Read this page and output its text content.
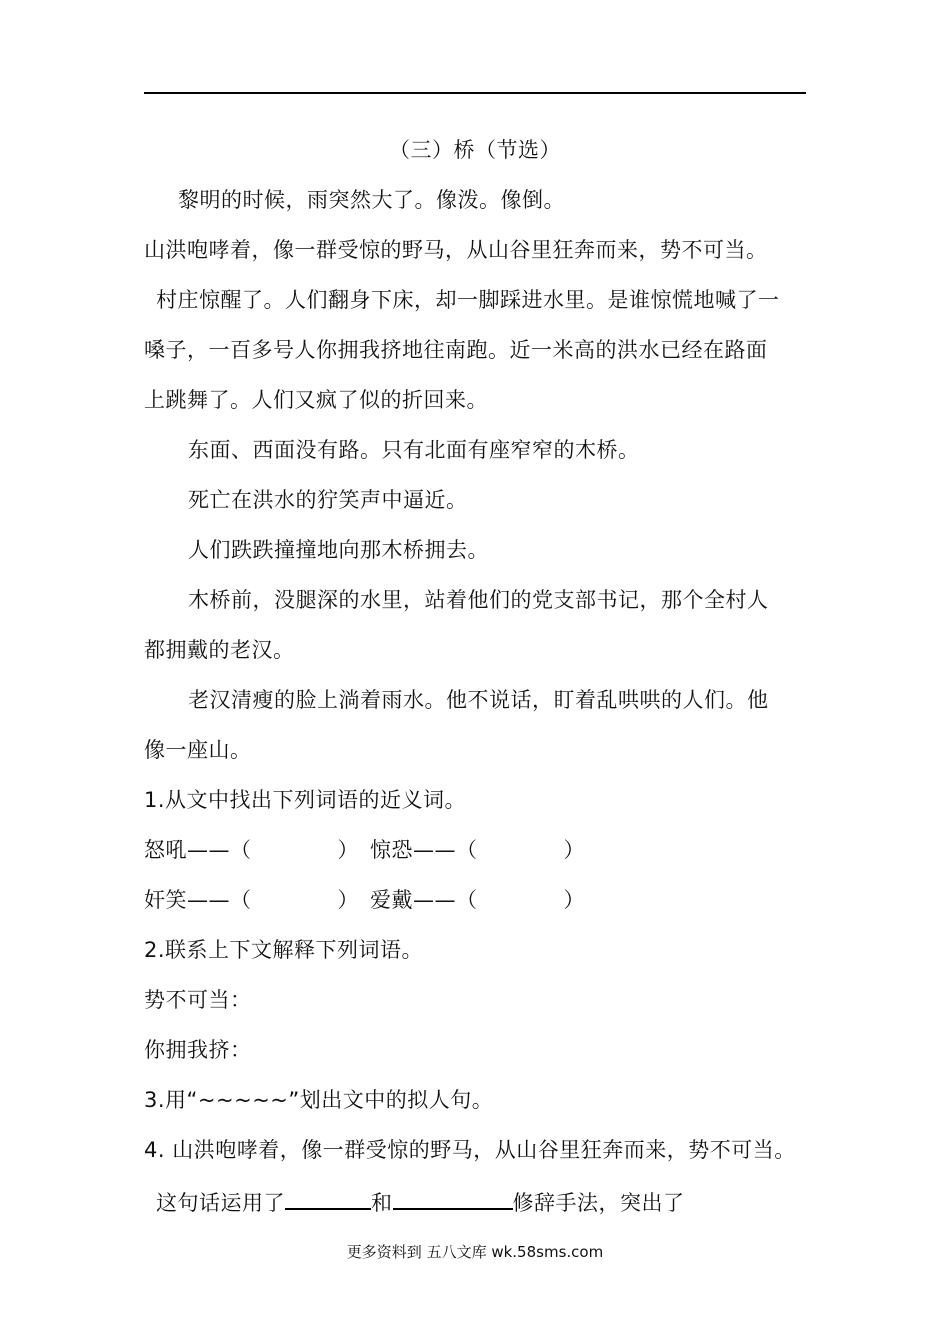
（三）桥（节选）
黎明的时候，雨突然大了。像泼。像倒。
山洪咆哮着，像一群受惊的野马，从山谷里狂奔而来，势不可当。
村庄惊醒了。人们翻身下床，却一脚踩进水里。是谁惊慌地喊了一
嗓子，一百多号人你拥我挤地往南跑。近一米高的洪水已经在路面
上跳舞了。人们又疯了似的折回来。
东面、西面没有路。只有北面有座窄窄的木桥。
死亡在洪水的狞笑声中逼近。
人们跌跌撞撞地向那木桥拥去。
木桥前，没腿深的水里，站着他们的党支部书记，那个全村人
都拥戴的老汉。
老汉清瘦的脸上淌着雨水。他不说话，盯着乱哄哄的人们。他
像一座山。
1.从文中找出下列词语的近义词。
怒吼——（　　　　）　惊恐——（　　　　）
奸笑——（　　　　）　爱戴——（　　　　）
2.联系上下文解释下列词语。
势不可当：
你拥我挤：
3.用“~~~~~”划出文中的拟人句。
4. 山洪咆哮着，像一群受惊的野马，从山谷里狂奔而来，势不可当。
这句话运用了	和	修辞手法，突出了
更多资料到 五八文库 wk.58sms.com
